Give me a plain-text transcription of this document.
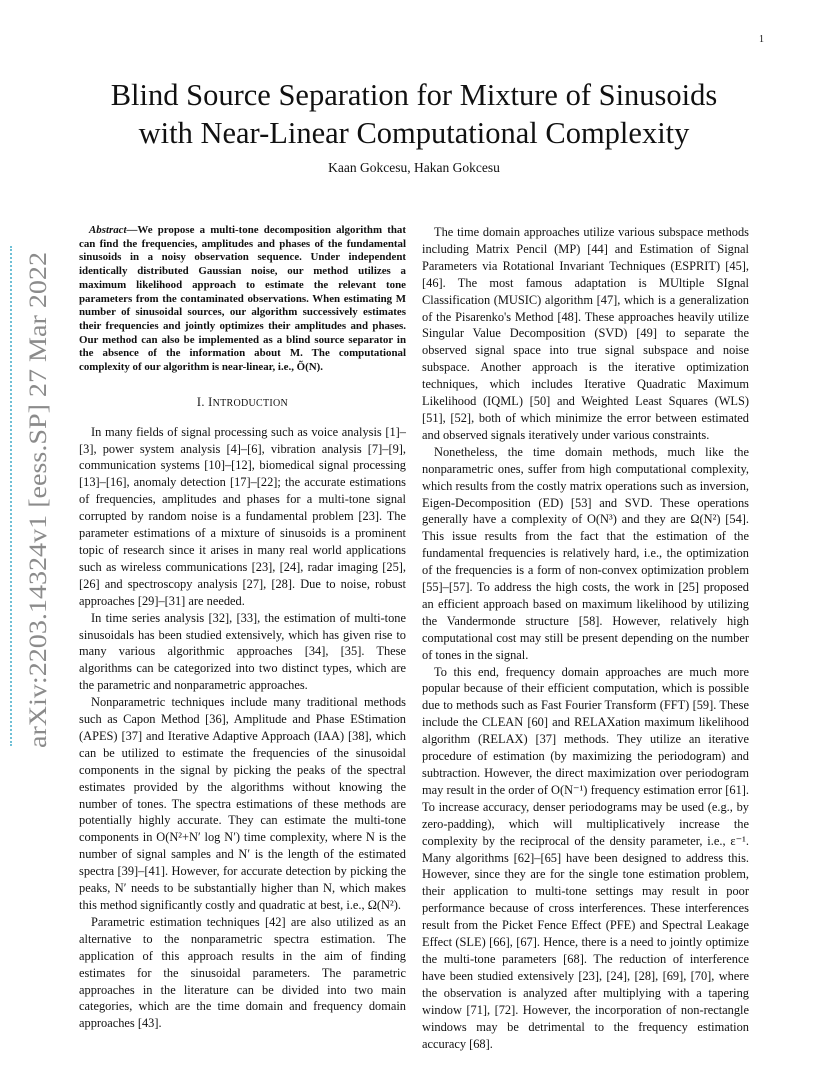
1
arXiv:2203.14324v1 [eess.SP] 27 Mar 2022
Blind Source Separation for Mixture of Sinusoids
with Near-Linear Computational Complexity
Kaan Gokcesu, Hakan Gokcesu

Abstract—We propose a multi-tone decomposition algorithm that can find the frequencies, amplitudes and phases of the fundamental sinusoids in a noisy observation sequence. Under independent identically distributed Gaussian noise, our method utilizes a maximum likelihood approach to estimate the relevant tone parameters from the contaminated observations. When estimating M number of sinusoidal sources, our algorithm successively estimates their frequencies and jointly optimizes their amplitudes and phases. Our method can also be implemented as a blind source separator in the absence of the information about M. The computational complexity of our algorithm is near-linear, i.e., Õ(N).

I. INTRODUCTION

In many fields of signal processing such as voice analysis [1]–[3], power system analysis [4]–[6], vibration analysis [7]–[9], communication systems [10]–[12], biomedical signal processing [13]–[16], anomaly detection [17]–[22]; the accurate estimations of frequencies, amplitudes and phases for a multi-tone signal corrupted by random noise is a fundamental problem [23]. The parameter estimations of a mixture of sinusoids is a prominent topic of research since it arises in many real world applications such as wireless communications [23], [24], radar imaging [25], [26] and spectroscopy analysis [27], [28]. Due to noise, robust approaches [29]–[31] are needed.

In time series analysis [32], [33], the estimation of multi-tone sinusoidals has been studied extensively, which has given rise to many various algorithmic approaches [34], [35]. These algorithms can be categorized into two distinct types, which are the parametric and nonparametric approaches.

Nonparametric techniques include many traditional methods such as Capon Method [36], Amplitude and Phase EStimation (APES) [37] and Iterative Adaptive Approach (IAA) [38], which can be utilized to estimate the frequencies of the sinusoidal components in the signal by picking the peaks of the spectral estimates provided by the algorithms without knowing the number of tones. The spectra estimations of these methods are potentially highly accurate. They can estimate the multi-tone components in O(N²+N′ log N′) time complexity, where N is the number of signal samples and N′ is the length of the estimated spectra [39]–[41]. However, for accurate detection by picking the peaks, N′ needs to be substantially higher than N, which makes this method significantly costly and quadratic at best, i.e., Ω(N²).

Parametric estimation techniques [42] are also utilized as an alternative to the nonparametric spectra estimation. The application of this approach results in the aim of finding estimates for the sinusoidal parameters. The parametric approaches in the literature can be divided into two main categories, which are the time domain and frequency domain approaches [43].

The time domain approaches utilize various subspace methods including Matrix Pencil (MP) [44] and Estimation of Signal Parameters via Rotational Invariant Techniques (ESPRIT) [45], [46]. The most famous adaptation is MUltiple SIgnal Classification (MUSIC) algorithm [47], which is a generalization of the Pisarenko's Method [48]. These approaches heavily utilize Singular Value Decomposition (SVD) [49] to separate the observed signal space into true signal subspace and noise subspace. Another approach is the iterative optimization techniques, which includes Iterative Quadratic Maximum Likelihood (IQML) [50] and Weighted Least Squares (WLS) [51], [52], both of which minimize the error between estimated and observed signals iteratively under various constraints.

Nonetheless, the time domain methods, much like the nonparametric ones, suffer from high computational complexity, which results from the costly matrix operations such as inversion, Eigen-Decomposition (ED) [53] and SVD. These operations generally have a complexity of O(N³) and they are Ω(N²) [54]. This issue results from the fact that the estimation of the fundamental frequencies is relatively hard, i.e., the optimization of the frequencies is a form of non-convex optimization problem [55]–[57]. To address the high costs, the work in [25] proposed an efficient approach based on maximum likelihood by utilizing the Vandermonde structure [58]. However, relatively high computational cost may still be present depending on the number of tones in the signal.

To this end, frequency domain approaches are much more popular because of their efficient computation, which is possible due to methods such as Fast Fourier Transform (FFT) [59]. These include the CLEAN [60] and RELAXation maximum likelihood algorithm (RELAX) [37] methods. They utilize an iterative procedure of estimation (by maximizing the periodogram) and subtraction. However, the direct maximization over periodogram may result in the order of O(N⁻¹) frequency estimation error [61]. To increase accuracy, denser periodograms may be used (e.g., by zero-padding), which will multiplicatively increase the complexity by the reciprocal of the density parameter, i.e., ε⁻¹. Many algorithms [62]–[65] have been designed to address this. However, since they are for the single tone estimation problem, their application to multi-tone settings may result in poor performance because of cross interferences. These interferences result from the Picket Fence Effect (PFE) and Spectral Leakage Effect (SLE) [66], [67]. Hence, there is a need to jointly optimize the multi-tone parameters [68]. The reduction of interference have been studied extensively [23], [24], [28], [69], [70], where the observation is analyzed after multiplying with a tapering window [71], [72]. However, the incorporation of non-rectangle windows may be detrimental to the frequency estimation accuracy [68].
